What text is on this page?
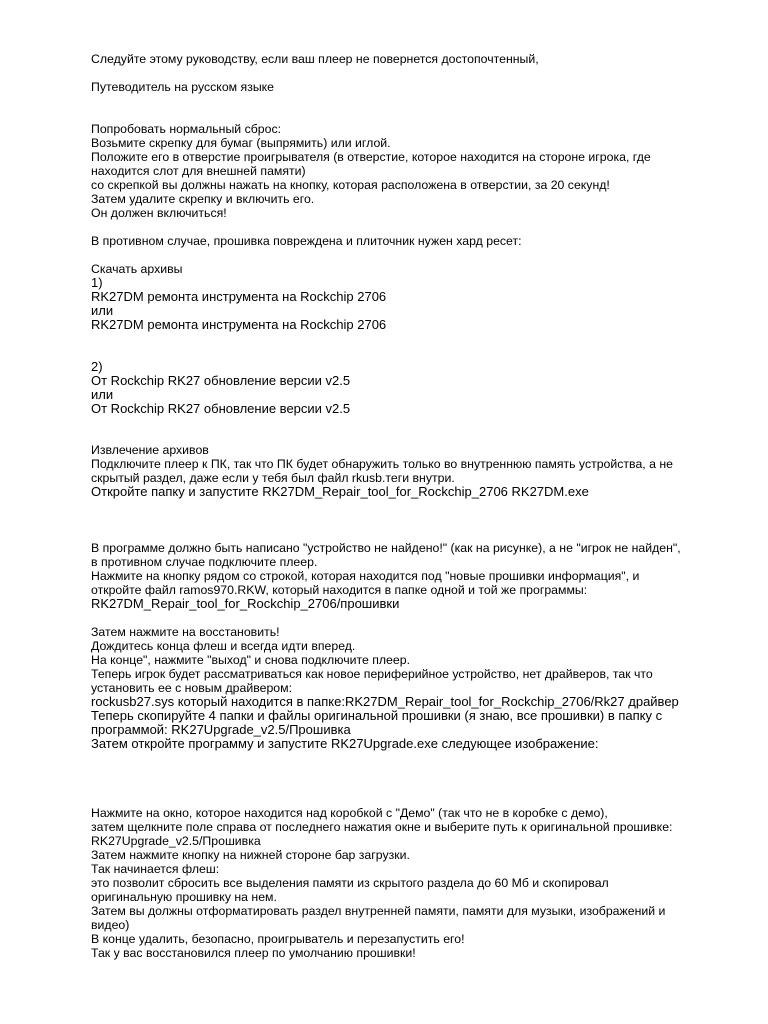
Следуйте этому руководству, если ваш плеер не повернется достопочтенный,
Путеводитель на русском языке
Попробовать нормальный сброс:
Возьмите скрепку для бумаг (выпрямить) или иглой.
Положите его в отверстие проигрывателя (в отверстие, которое находится на стороне игрока, где
находится слот для внешней памяти)
со скрепкой вы должны нажать на кнопку, которая расположена в отверстии, за 20 секунд!
Затем удалите скрепку и включить его.
Он должен включиться!
В противном случае, прошивка повреждена и плиточник нужен хард ресет:
Скачать архивы
1)
RK27DM ремонта инструмента на Rockchip 2706
или
RK27DM ремонта инструмента на Rockchip 2706
2)
От Rockchip RK27 обновление версии v2.5
или
От Rockchip RK27 обновление версии v2.5
Извлечение архивов
Подключите плеер к ПК, так что ПК будет обнаружить только во внутреннюю память устройства, а не
скрытый раздел, даже если у тебя был файл rkusb.теги внутри.
Откройте папку и запустите RK27DM_Repair_tool_for_Rockchip_2706 RK27DM.exe
В программе должно быть написано "устройство не найдено!" (как на рисунке), а не "игрок не найден",
в противном случае подключите плеер.
Нажмите на кнопку рядом со строкой, которая находится под "новые прошивки информация", и
откройте файл ramos970.RKW, который находится в папке одной и той же программы:
RK27DM_Repair_tool_for_Rockchip_2706/прошивки
Затем нажмите на восстановить!
Дождитесь конца флеш и всегда идти вперед.
На конце", нажмите "выход" и снова подключите плеер.
Теперь игрок будет рассматриваться как новое периферийное устройство, нет драйверов, так что
установить ее с новым драйвером:
rockusb27.sys который находится в папке:RK27DM_Repair_tool_for_Rockchip_2706/Rk27 драйвер
Теперь скопируйте 4 папки и файлы оригинальной прошивки (я знаю, все прошивки) в папку с
программой: RK27Upgrade_v2.5/Прошивка
Затем откройте программу и запустите RK27Upgrade.exe следующее изображение:
Нажмите на окно, которое находится над коробкой с "Демо" (так что не в коробке с демо),
затем щелкните поле справа от последнего нажатия окне и выберите путь к оригинальной прошивке:
RK27Upgrade_v2.5/Прошивка
Затем нажмите кнопку на нижней стороне бар загрузки.
Так начинается флеш:
это позволит сбросить все выделения памяти из скрытого раздела до 60 Мб и скопировал
оригинальную прошивку на нем.
Затем вы должны отформатировать раздел внутренней памяти, памяти для музыки, изображений и
видео)
В конце удалить, безопасно, проигрыватель и перезапустить его!
Так у вас восстановился плеер по умолчанию прошивки!
